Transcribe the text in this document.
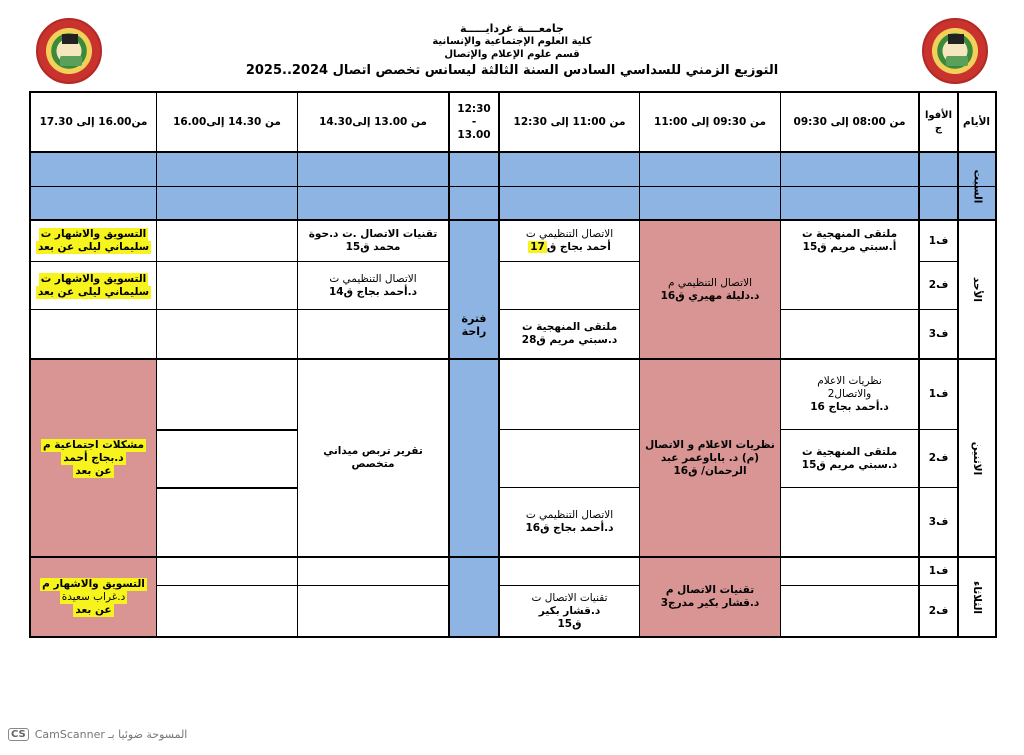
جامعــــة غردايـــــة
كلية العلوم الإجتماعية والإنسانية
قسم علوم الإعلام والإتصال
التوزيع الزمني للسداسي السادس السنة الثالثة ليسانس تخصص اتصال 2024..2025
الأيام
الأفوا ج
من 08:00 إلى 09:30
من 09:30 إلى 11:00
من 11:00 إلى 12:30
12:30
-
13.00
من 13.00 إلى14.30
من 14.30 إلى16.00
من16.00 إلى 17.30
السبت
الأحد
الاثنين
الثلاثاء
ف1
ف2
ف3
ف1
ف2
ف3
ف1
ف2
فترة
راحة
ملتقى المنهجية ت
أ.سبتي مريم ق15
الاتصال التنظيمي م
د.دليلة مهيري ق16
الاتصال التنظيمي ت
أحمد بجاج ق17
ملتقى المنهجية ت
د.سبتي مريم ق28
تقنيات الاتصال .ت د.حوة
محمد ق15
الاتصال التنظيمي ت
د.أحمد بجاج ق14
التسويق والاشهار ت
سليماني ليلى عن بعد
التسويق والاشهار ت
سليماني ليلى عن بعد
نظريات الاعلام
والاتصال2
د.أحمد بجاج 16
ملتقى المنهجية ت
د.سبتي مريم ق15
نظريات الاعلام و الاتصال
(م) د. باباوعمر عبد
الرحمان/ ق16
الاتصال التنظيمي ت
د.أحمد بجاج ق16
تقرير تربص ميداني
متخصص
مشكلات اجتماعية م
د.بجاج أحمد
عن بعد
تقنيات الاتصال م
د.قشار بكير مدرج3
تقنيات الاتصال ت
د.قشار بكير
ق15
التسويق والاشهار م
د.غراب سعيدة
عن بعد
CS CamScanner المسوحة ضوئيا بـ
